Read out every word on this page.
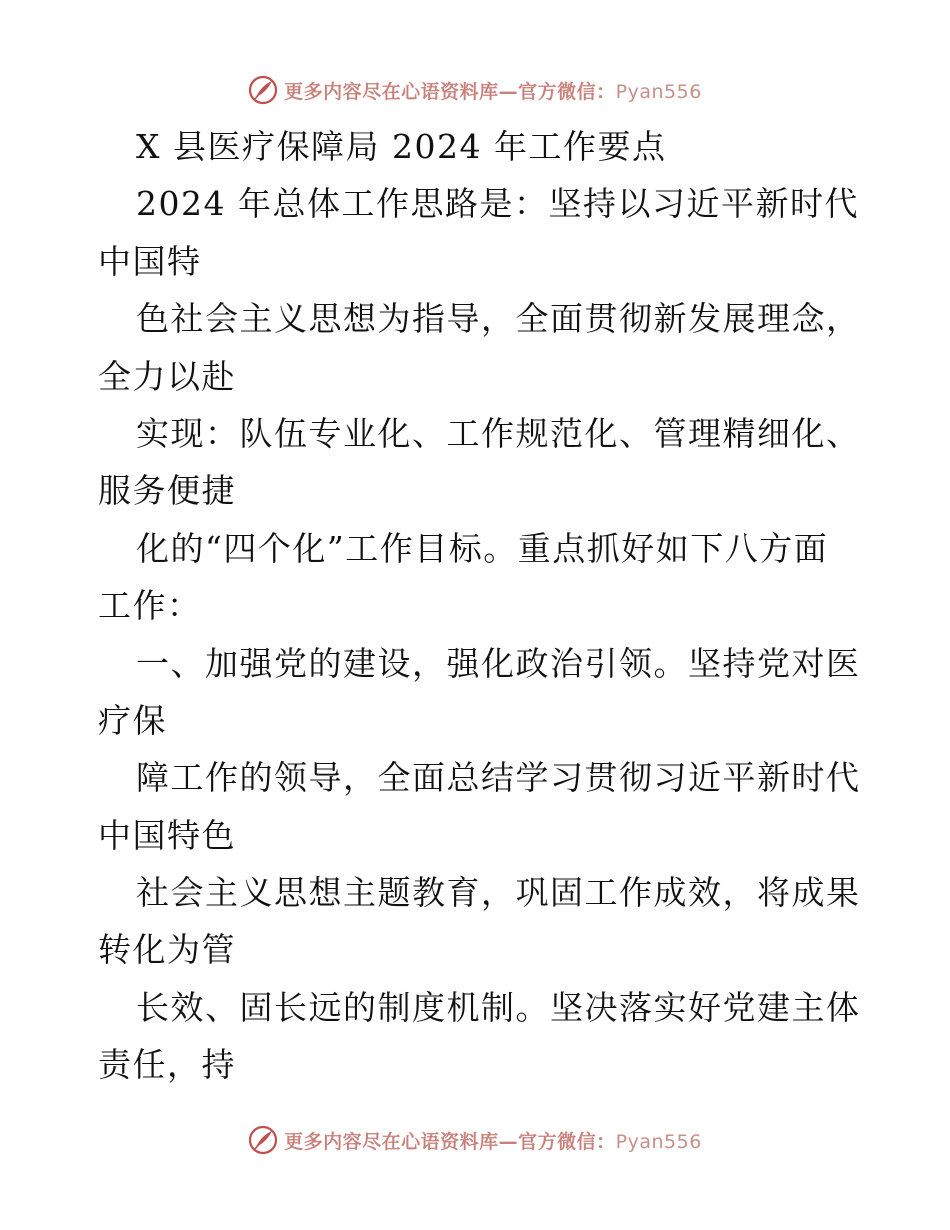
更多内容尽在心语资料库—官方微信：Pyan556
X 县医疗保障局 2024 年工作要点
2024 年总体工作思路是：坚持以习近平新时代
中国特
色社会主义思想为指导，全面贯彻新发展理念，
全力以赴
实现：队伍专业化、工作规范化、管理精细化、
服务便捷
化的“四个化”工作目标。重点抓好如下八方面
工作：
一、加强党的建设，强化政治引领。坚持党对医
疗保
障工作的领导，全面总结学习贯彻习近平新时代
中国特色
社会主义思想主题教育，巩固工作成效，将成果
转化为管
长效、固长远的制度机制。坚决落实好党建主体
责任，持
更多内容尽在心语资料库—官方微信：Pyan556
